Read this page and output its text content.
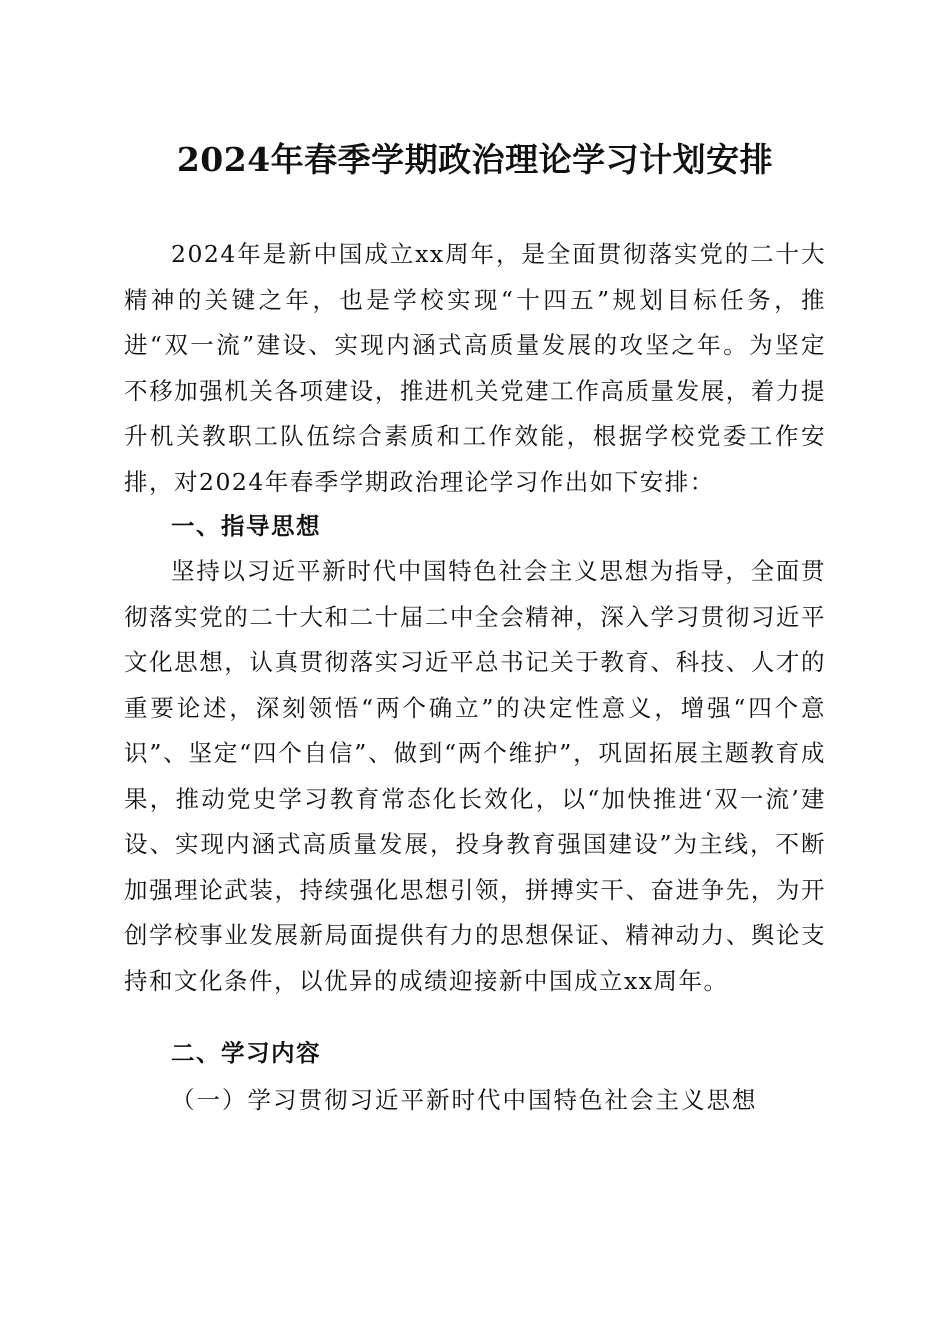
2024年春季学期政治理论学习计划安排

2024年是新中国成立xx周年，是全面贯彻落实党的二十大精神的关键之年，也是学校实现“十四五”规划目标任务，推进“双一流”建设、实现内涵式高质量发展的攻坚之年。为坚定不移加强机关各项建设，推进机关党建工作高质量发展，着力提升机关教职工队伍综合素质和工作效能，根据学校党委工作安排，对2024年春季学期政治理论学习作出如下安排：

一、指导思想

坚持以习近平新时代中国特色社会主义思想为指导，全面贯彻落实党的二十大和二十届二中全会精神，深入学习贯彻习近平文化思想，认真贯彻落实习近平总书记关于教育、科技、人才的重要论述，深刻领悟“两个确立”的决定性意义，增强“四个意识”、坚定“四个自信”、做到“两个维护”，巩固拓展主题教育成果，推动党史学习教育常态化长效化，以“加快推进‘双一流’建设、实现内涵式高质量发展，投身教育强国建设”为主线，不断加强理论武装，持续强化思想引领，拼搏实干、奋进争先，为开创学校事业发展新局面提供有力的思想保证、精神动力、舆论支持和文化条件，以优异的成绩迎接新中国成立xx周年。

二、学习内容

（一）学习贯彻习近平新时代中国特色社会主义思想
